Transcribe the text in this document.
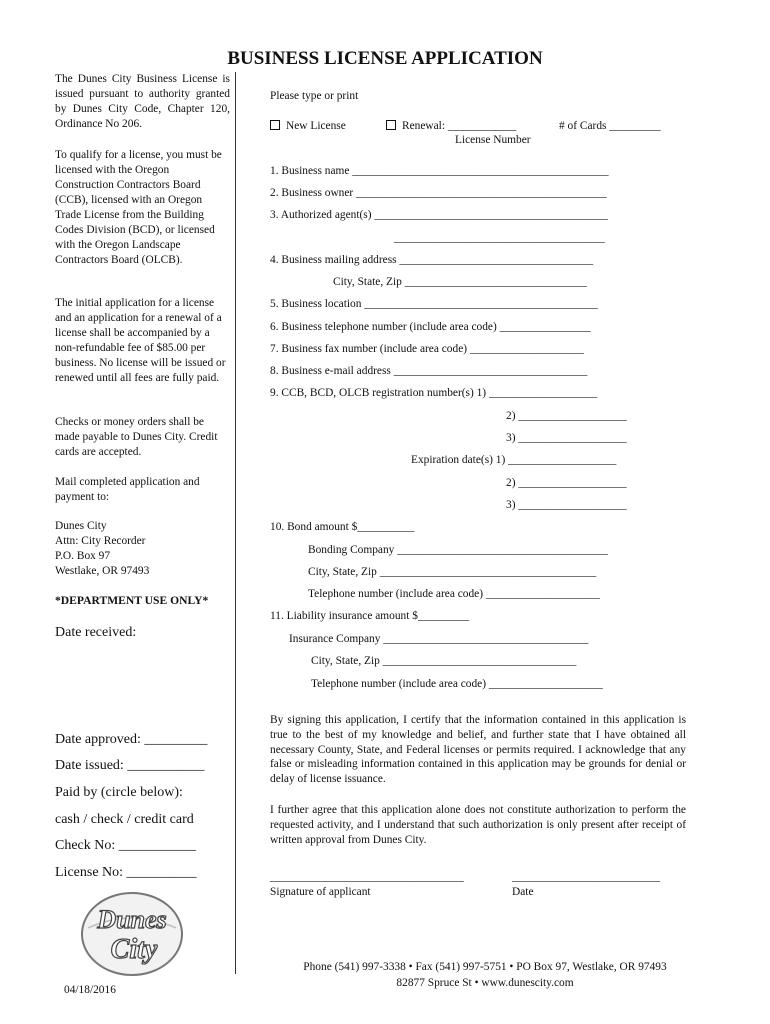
BUSINESS LICENSE APPLICATION

The Dunes City Business License is issued pursuant to authority granted by Dunes City Code, Chapter 120, Ordinance No 206.

To qualify for a license, you must be licensed with the Oregon Construction Contractors Board (CCB), licensed with an Oregon Trade License from the Building Codes Division (BCD), or licensed with the Oregon Landscape Contractors Board (OLCB).

The initial application for a license and an application for a renewal of a license shall be accompanied by a non-refundable fee of $85.00 per business. No license will be issued or renewed until all fees are fully paid.

Checks or money orders shall be made payable to Dunes City. Credit cards are accepted.

Mail completed application and payment to:

Dunes City
Attn: City Recorder
P.O. Box 97
Westlake, OR 97493
*DEPARTMENT USE ONLY*
Date received:
Date approved: _________
Date issued: ___________
Paid by (circle below):
cash / check / credit card
Check No: ___________
License No: __________
Dunes
City
04/18/2016
Please type or print
New License	Renewal: ____________	# of Cards _________
License Number
1. Business name _____________________________________________
2. Business owner ____________________________________________
3. Authorized agent(s) _________________________________________
_____________________________________
4. Business mailing address __________________________________
City, State, Zip ________________________________
5. Business location _________________________________________
6. Business telephone number (include area code) ________________
7. Business fax number (include area code) ____________________
8. Business e-mail address __________________________________
9. CCB, BCD, OLCB registration number(s) 1) ___________________
2) ___________________
3) ___________________
Expiration date(s) 1) ___________________
2) ___________________
3) ___________________
10. Bond amount $__________
Bonding Company _____________________________________
City, State, Zip ______________________________________
Telephone number (include area code) ____________________
11. Liability insurance amount $_________
Insurance Company ____________________________________
City, State, Zip __________________________________
Telephone number (include area code) ____________________

By signing this application, I certify that the information contained in this application is true to the best of my knowledge and belief, and further state that I have obtained all necessary County, State, and Federal licenses or permits required. I acknowledge that any false or misleading information contained in this application may be grounds for denial or delay of license issuance.

I further agree that this application alone does not constitute authorization to perform the requested activity, and I understand that such authorization is only present after receipt of written approval from Dunes City.

__________________________________	__________________________
Signature of applicant	Date
Phone (541) 997-3338 • Fax (541) 997-5751 • PO Box 97, Westlake, OR 97493
82877 Spruce St • www.dunescity.com
